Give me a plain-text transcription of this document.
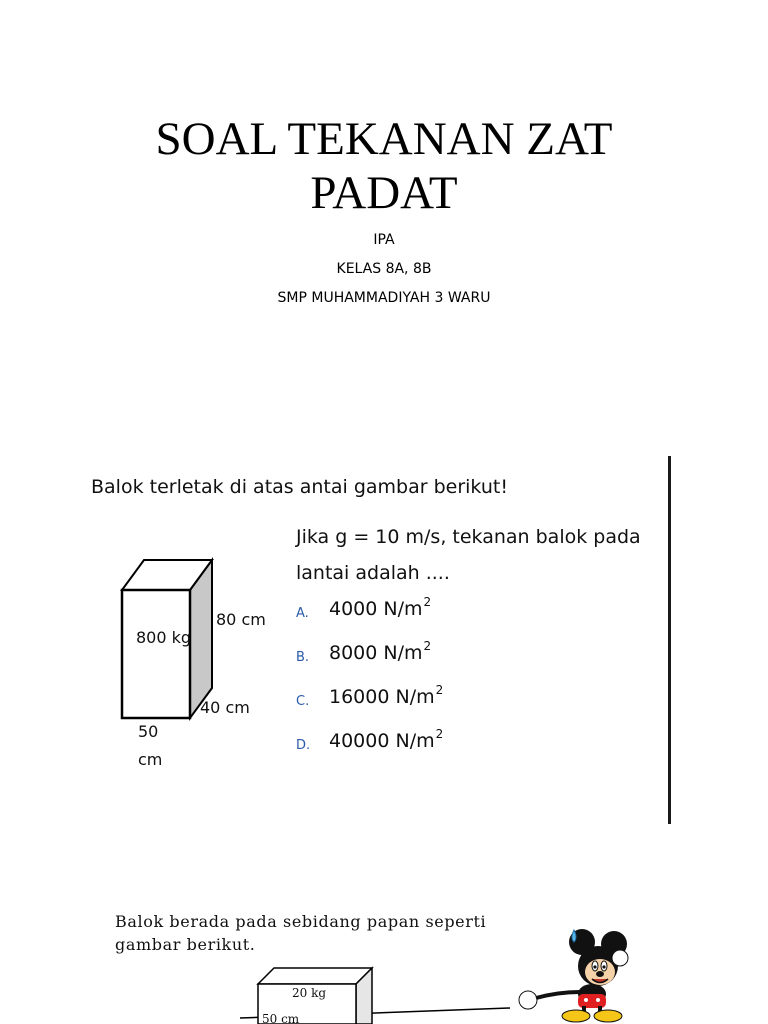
SOAL TEKANAN ZAT
PADAT
IPA
KELAS 8A, 8B
SMP MUHAMMADIYAH 3 WARU
Balok terletak di atas antai gambar berikut!
Jika g = 10 m/s, tekanan balok pada
lantai adalah ....
A. 4000 $N/m^2$
B. 8000 $N/m^2$
C. 16000 $N/m^2$
D. 40000 $N/m^2$
800 kg
80 cm
40 cm
50
cm
Balok berada pada sebidang papan seperti
gambar berikut.
20 kg
50 cm
